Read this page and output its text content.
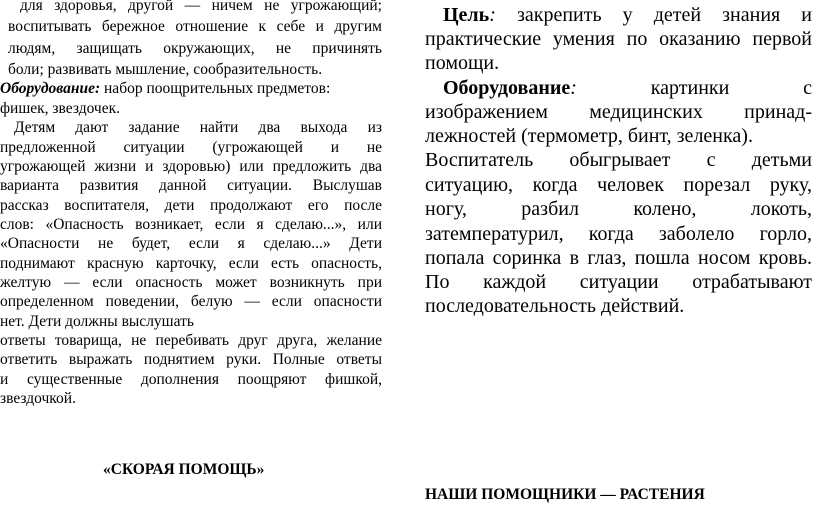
для здоровья, другой — ничем не угрожающий;
воспитывать бережное отношение к себе и другим
людям, защищать окружающих, не причинять
боли; развивать мышление, сообразительность.
Оборудование: набор поощрительных предметов:
фишек, звездочек.
Детям дают задание найти два выхода из
предложенной ситуации (угрожающей и не
угрожающей жизни и здоровью) или предложить два
варианта развития данной ситуации. Выслушав
рассказ воспитателя, дети продолжают его после
слов: «Опасность возникает, если я сделаю...», или
«Опасности не будет, если я сделаю...» Дети
поднимают красную карточку, если есть опасность,
желтую — если опасность может возникнуть при
определенном поведении, белую — если опасности
нет. Дети должны выслушать
ответы товарища, не перебивать друг друга, желание
ответить выражать поднятием руки. Полные ответы
и существенные дополнения поощряют фишкой,
звездочкой.
«СКОРАЯ ПОМОЩЬ»
Цель: закрепить у детей знания и
практические умения по оказанию первой
помощи.
Оборудование: картинки с
изображением медицинских принад-
лежностей (термометр, бинт, зеленка).
Воспитатель обыгрывает с детьми
ситуацию, когда человек порезал руку,
ногу, разбил колено, локоть,
затемпературил, когда заболело горло,
попала соринка в глаз, пошла носом кровь.
По каждой ситуации отрабатывают
последовательность действий.
НАШИ ПОМОЩНИКИ — РАСТЕНИЯ
